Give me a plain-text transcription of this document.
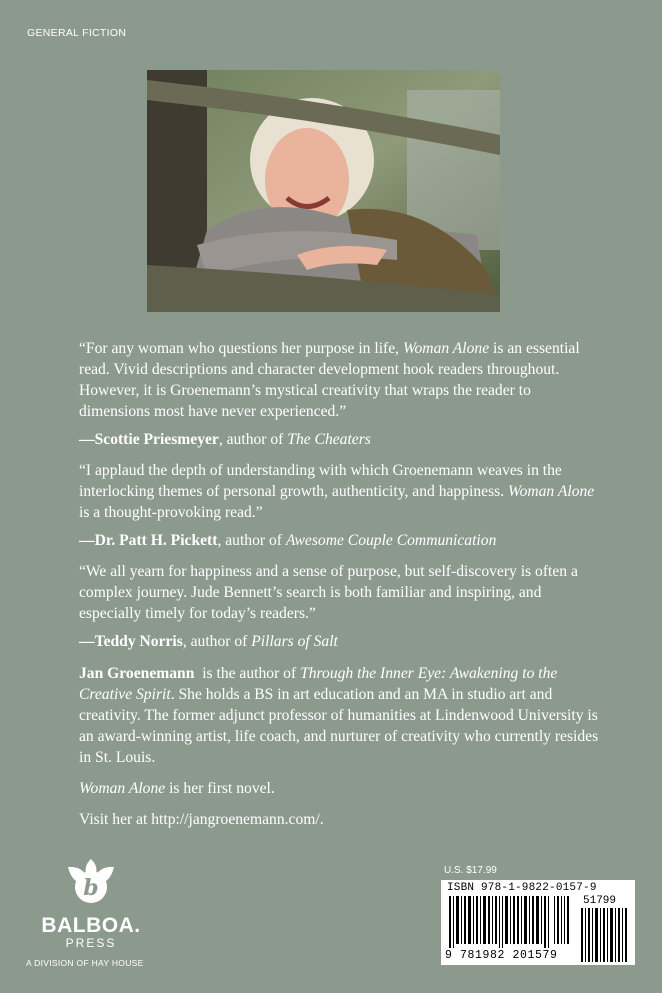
GENERAL FICTION

“For any woman who questions her purpose in life, Woman Alone is an essential read. Vivid descriptions and character development hook readers throughout. However, it is Groenemann’s mystical creativity that wraps the reader to dimensions most have never experienced.”

—Scottie Priesmeyer, author of The Cheaters

“I applaud the depth of understanding with which Groenemann weaves in the interlocking themes of personal growth, authenticity, and happiness. Woman Alone is a thought-provoking read.”

—Dr. Patt H. Pickett, author of Awesome Couple Communication

“We all yearn for happiness and a sense of purpose, but self-discovery is often a complex journey. Jude Bennett’s search is both familiar and inspiring, and especially timely for today’s readers.”

—Teddy Norris, author of Pillars of Salt

Jan Groenemann  is the author of Through the Inner Eye: Awakening to the Creative Spirit. She holds a BS in art education and an MA in studio art and creativity. The former adjunct professor of humanities at Lindenwood University is an award-winning artist, life coach, and nurturer of creativity who currently resides in St. Louis.

Woman Alone is her first novel.

Visit her at http://jangroenemann.com/.

b
BALBOA.
PRESS
A DIVISION OF HAY HOUSE
U.S. $17.99
ISBN 978-1-9822-0157-9
51799
9 781982 201579
